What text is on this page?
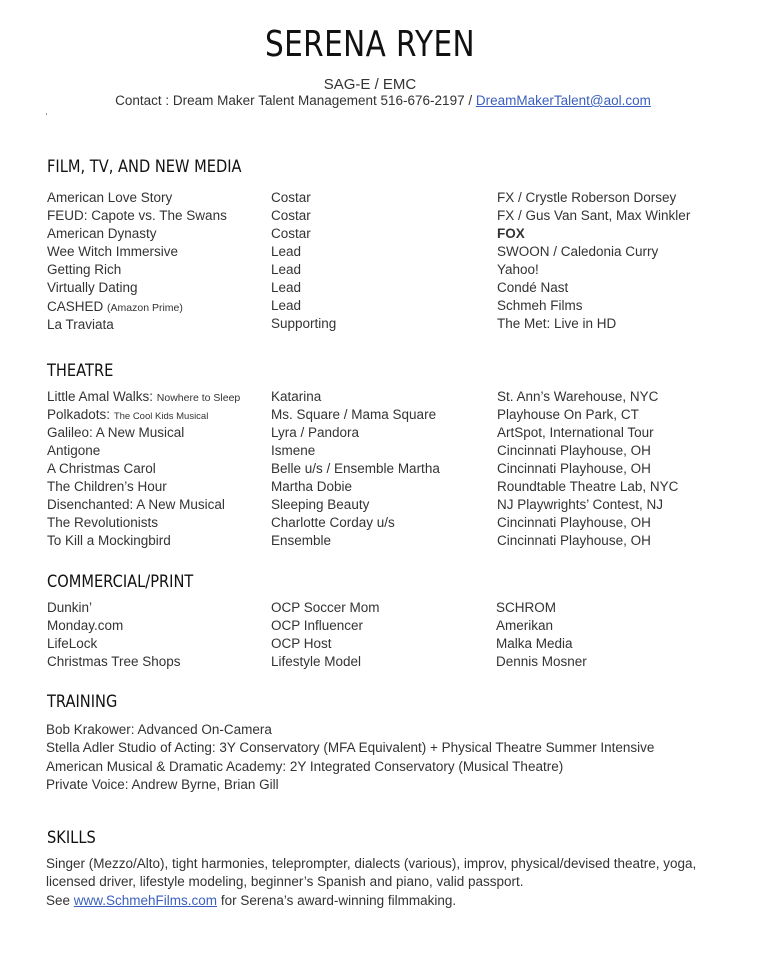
SERENA RYEN
SAG-E / EMC
Contact : Dream Maker Talent Management 516-676-2197 / DreamMakerTalent@aol.com
FILM, TV, AND NEW MEDIA
American Love Story
FEUD: Capote vs. The Swans
American Dynasty
Wee Witch Immersive
Getting Rich
Virtually Dating
CASHED (Amazon Prime)
La Traviata
Costar
Costar
Costar
Lead
Lead
Lead
Lead
Supporting
FX / Crystle Roberson Dorsey
FX / Gus Van Sant, Max Winkler
FOX
SWOON / Caledonia Curry
Yahoo!
Condé Nast
Schmeh Films
The Met: Live in HD
THEATRE
Little Amal Walks: Nowhere to Sleep
Polkadots: The Cool Kids Musical
Galileo: A New Musical
Antigone
A Christmas Carol
The Children’s Hour
Disenchanted: A New Musical
The Revolutionists
To Kill a Mockingbird
Katarina
Ms. Square / Mama Square
Lyra / Pandora
Ismene
Belle u/s / Ensemble Martha
Martha Dobie
Sleeping Beauty
Charlotte Corday u/s
Ensemble
St. Ann’s Warehouse, NYC
Playhouse On Park, CT
ArtSpot, International Tour
Cincinnati Playhouse, OH
Cincinnati Playhouse, OH
Roundtable Theatre Lab, NYC
NJ Playwrights’ Contest, NJ
Cincinnati Playhouse, OH
Cincinnati Playhouse, OH
COMMERCIAL/PRINT
Dunkin’
Monday.com
LifeLock
Christmas Tree Shops
OCP Soccer Mom
OCP Influencer
OCP Host
Lifestyle Model
SCHROM
Amerikan
Malka Media
Dennis Mosner
TRAINING
Bob Krakower: Advanced On-Camera
Stella Adler Studio of Acting: 3Y Conservatory (MFA Equivalent) + Physical Theatre Summer Intensive
American Musical & Dramatic Academy: 2Y Integrated Conservatory (Musical Theatre)
Private Voice: Andrew Byrne, Brian Gill
SKILLS
Singer (Mezzo/Alto), tight harmonies, teleprompter, dialects (various), improv, physical/devised theatre, yoga,
licensed driver, lifestyle modeling, beginner’s Spanish and piano, valid passport.
See www.SchmehFilms.com for Serena’s award-winning filmmaking.
